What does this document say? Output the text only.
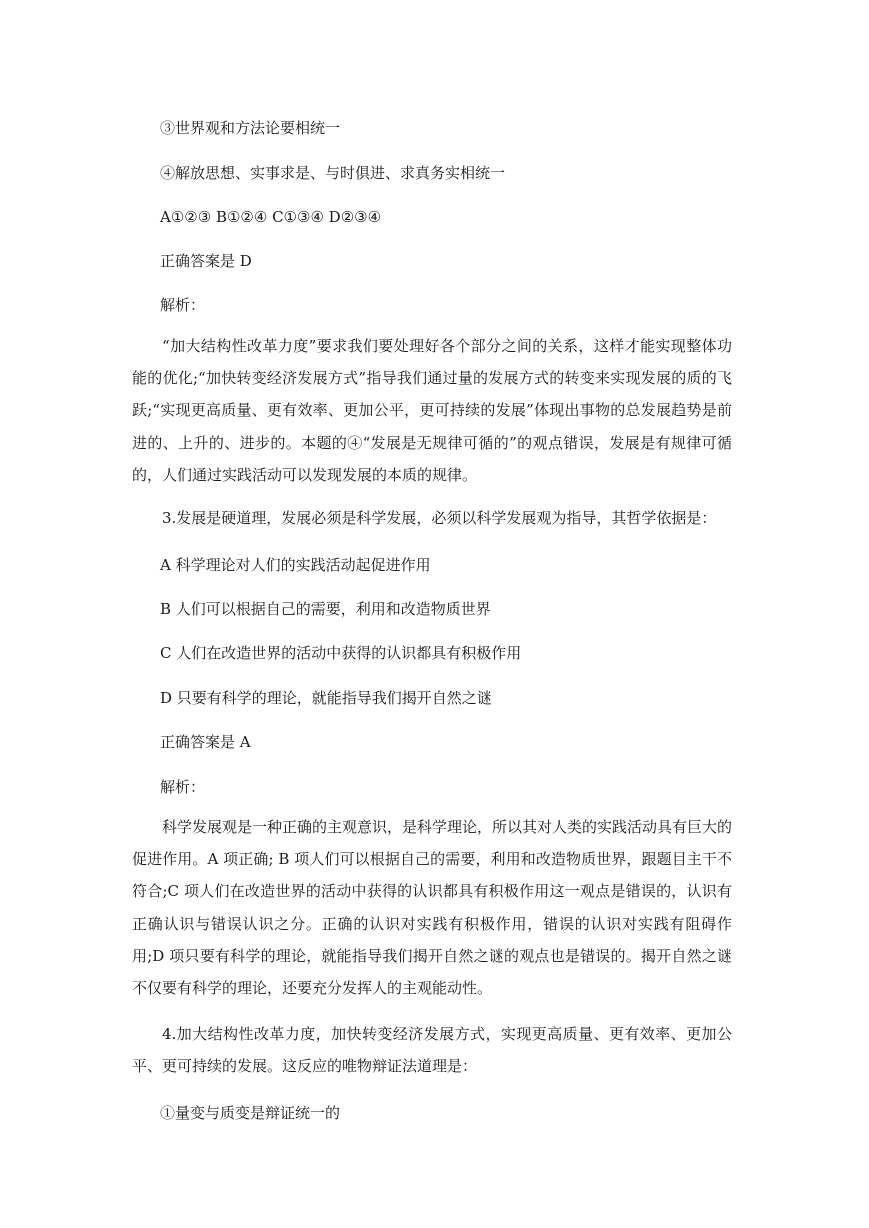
③世界观和方法论要相统一

④解放思想、实事求是、与时俱进、求真务实相统一

A①②③ B①②④ C①③④ D②③④

正确答案是 D

解析：

“加大结构性改革力度”要求我们要处理好各个部分之间的关系，这样才能实现整体功能的优化;“加快转变经济发展方式”指导我们通过量的发展方式的转变来实现发展的质的飞跃;“实现更高质量、更有效率、更加公平，更可持续的发展”体现出事物的总发展趋势是前进的、上升的、进步的。本题的④“发展是无规律可循的”的观点错误，发展是有规律可循的，人们通过实践活动可以发现发展的本质的规律。

3.发展是硬道理，发展必须是科学发展，必须以科学发展观为指导，其哲学依据是：

A 科学理论对人们的实践活动起促进作用

B 人们可以根据自己的需要，利用和改造物质世界

C 人们在改造世界的活动中获得的认识都具有积极作用

D 只要有科学的理论，就能指导我们揭开自然之谜

正确答案是 A

解析：

科学发展观是一种正确的主观意识，是科学理论，所以其对人类的实践活动具有巨大的促进作用。A 项正确; B 项人们可以根据自己的需要，利用和改造物质世界，跟题目主干不符合;C 项人们在改造世界的活动中获得的认识都具有积极作用这一观点是错误的，认识有正确认识与错误认识之分。正确的认识对实践有积极作用，错误的认识对实践有阻碍作用;D 项只要有科学的理论，就能指导我们揭开自然之谜的观点也是错误的。揭开自然之谜不仅要有科学的理论，还要充分发挥人的主观能动性。

4.加大结构性改革力度，加快转变经济发展方式，实现更高质量、更有效率、更加公平、更可持续的发展。这反应的唯物辩证法道理是：

①量变与质变是辩证统一的
